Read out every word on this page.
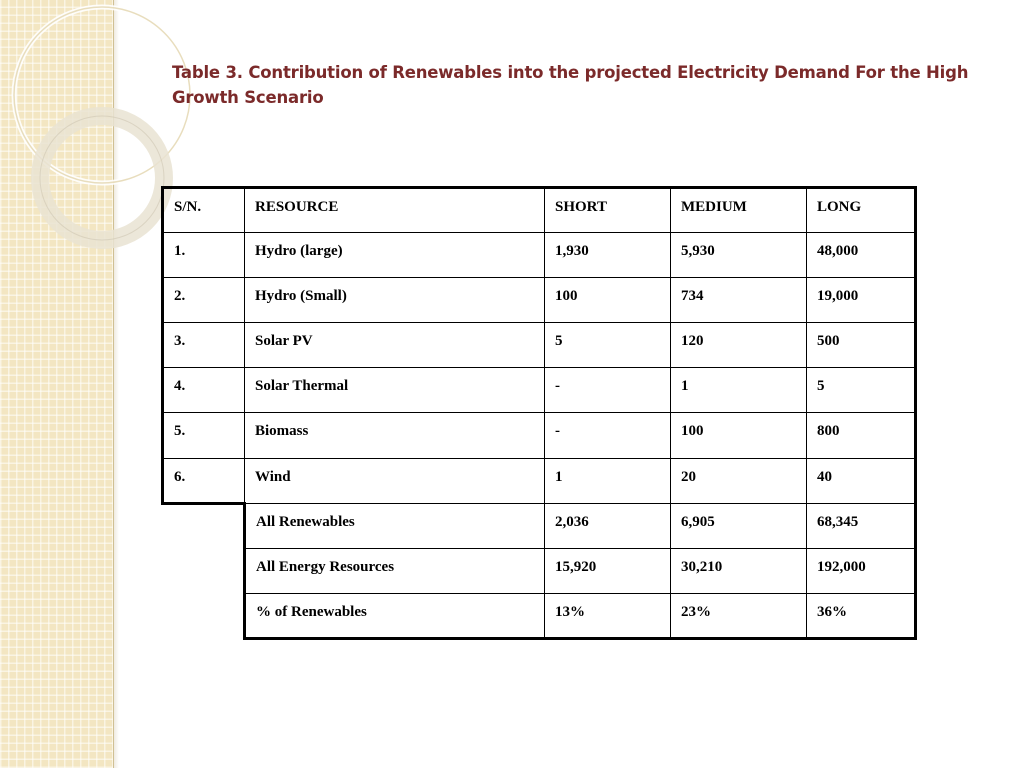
Table 3. Contribution of Renewables into the projected Electricity Demand For the High Growth Scenario
S/N.	RESOURCE	SHORT	MEDIUM	LONG
1.	Hydro (large)	1,930	5,930	48,000
2.	Hydro (Small)	100	734	19,000
3.	Solar PV	5	120	500
4.	Solar Thermal	-	1	5
5.	Biomass	-	100	800
6.	Wind	1	20	40
	All Renewables	2,036	6,905	68,345
	All Energy Resources	15,920	30,210	192,000
	% of Renewables	13%	23%	36%
